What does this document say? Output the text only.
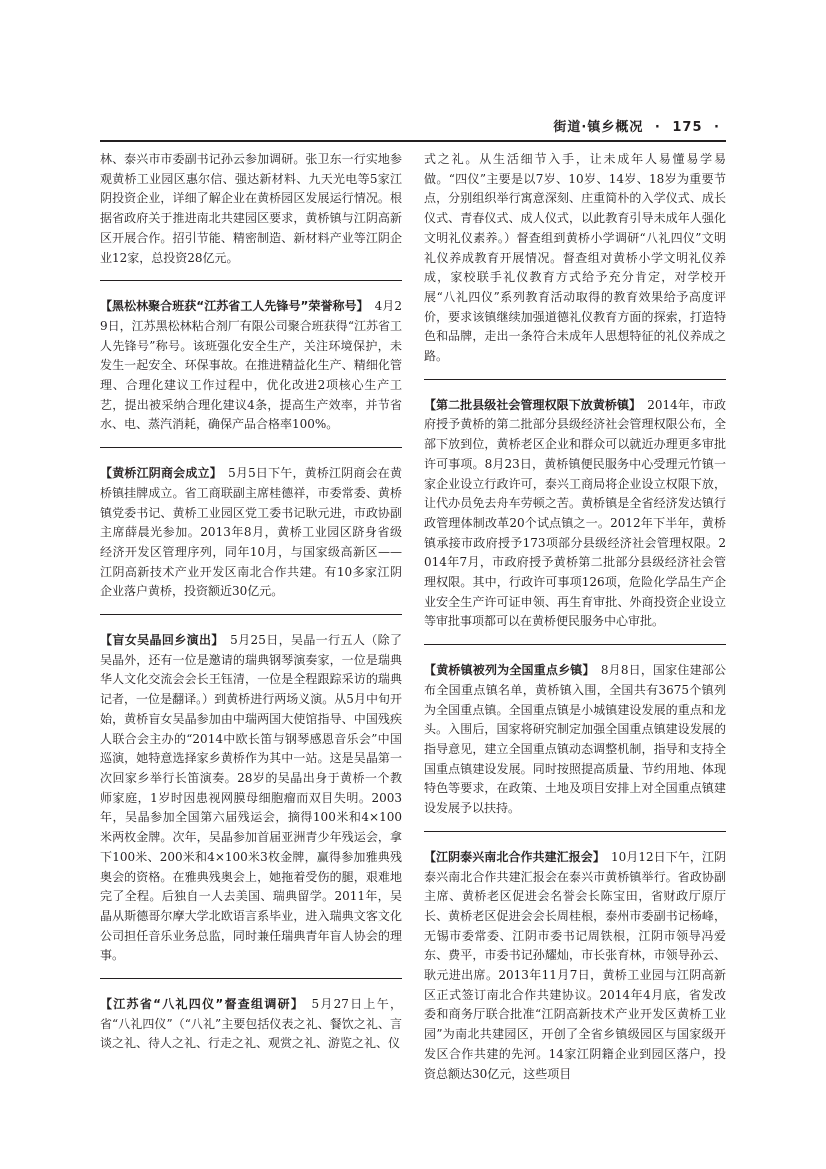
街道·镇乡概况 · 175 ·

林、泰兴市市委副书记孙云参加调研。张卫东一行实地参观黄桥工业园区惠尔信、强达新材料、九天光电等5家江阴投资企业，详细了解企业在黄桥园区发展运行情况。根据省政府关于推进南北共建园区要求，黄桥镇与江阴高新区开展合作。招引节能、精密制造、新材料产业等江阴企业12家，总投资28亿元。

【黑松林聚合班获“江苏省工人先锋号”荣誉称号】　 4月29日，江苏黑松林粘合剂厂有限公司聚合班获得“江苏省工人先锋号”称号。该班强化安全生产，关注环境保护，未发生一起安全、环保事故。在推进精益化生产、精细化管理、合理化建议工作过程中，优化改进2项核心生产工艺，提出被采纳合理化建议4条，提高生产效率，并节省水、电、蒸汽消耗，确保产品合格率100%。

【黄桥江阴商会成立】　 5月5日下午，黄桥江阴商会在黄桥镇挂牌成立。省工商联副主席桂德祥，市委常委、黄桥镇党委书记、黄桥工业园区党工委书记耿元进，市政协副主席薛晨光参加。2013年8月，黄桥工业园区跻身省级经济开发区管理序列，同年10月，与国家级高新区——江阴高新技术产业开发区南北合作共建。有10多家江阴企业落户黄桥，投资额近30亿元。

【盲女吴晶回乡演出】　 5月25日，吴晶一行五人（除了吴晶外，还有一位是邀请的瑞典钢琴演奏家，一位是瑞典华人文化交流会会长王钰清，一位是全程跟踪采访的瑞典记者，一位是翻译。）到黄桥进行两场义演。从5月中旬开始，黄桥盲女吴晶参加由中瑞两国大使馆指导、中国残疾人联合会主办的“2014中欧长笛与钢琴感恩音乐会”中国巡演，她特意选择家乡黄桥作为其中一站。这是吴晶第一次回家乡举行长笛演奏。28岁的吴晶出身于黄桥一个教师家庭，1岁时因患视网膜母细胞瘤而双目失明。2003年，吴晶参加全国第六届残运会，摘得100米和4×100米两枚金牌。次年，吴晶参加首届亚洲青少年残运会，拿下100米、200米和4×100米3枚金牌，赢得参加雅典残奥会的资格。在雅典残奥会上，她拖着受伤的腿，艰难地完了全程。后独自一人去美国、瑞典留学。2011年，吴晶从斯德哥尔摩大学北欧语言系毕业，进入瑞典文客文化公司担任音乐业务总监，同时兼任瑞典青年盲人协会的理事。

【江苏省“八礼四仪”督查组调研】　 5月27日上午，省“八礼四仪”（“八礼”主要包括仪表之礼、餐饮之礼、言谈之礼、待人之礼、行走之礼、观赏之礼、游览之礼、仪

式之礼。从生活细节入手，让未成年人易懂易学易做。“四仪”主要是以7岁、10岁、14岁、18岁为重要节点，分别组织举行寓意深刻、庄重简朴的入学仪式、成长仪式、青春仪式、成人仪式，以此教育引导未成年人强化文明礼仪素养。）督查组到黄桥小学调研“八礼四仪”文明礼仪养成教育开展情况。督查组对黄桥小学文明礼仪养成，家校联手礼仪教育方式给予充分肯定，对学校开展“八礼四仪”系列教育活动取得的教育效果给予高度评价，要求该镇继续加强道德礼仪教育方面的探索，打造特色和品牌，走出一条符合未成年人思想特征的礼仪养成之路。

【第二批县级社会管理权限下放黄桥镇】　 2014年，市政府授予黄桥的第二批部分县级经济社会管理权限公布，全部下放到位，黄桥老区企业和群众可以就近办理更多审批许可事项。8月23日，黄桥镇便民服务中心受理元竹镇一家企业设立行政许可，泰兴工商局将企业设立权限下放，让代办员免去舟车劳顿之苦。黄桥镇是全省经济发达镇行政管理体制改革20个试点镇之一。2012年下半年，黄桥镇承接市政府授予173项部分县级经济社会管理权限。2014年7月，市政府授予黄桥第二批部分县级经济社会管理权限。其中，行政许可事项126项，危险化学品生产企业安全生产许可证申领、再生育审批、外商投资企业设立等审批事项都可以在黄桥便民服务中心审批。

【黄桥镇被列为全国重点乡镇】　 8月8日，国家住建部公布全国重点镇名单，黄桥镇入围，全国共有3675个镇列为全国重点镇。全国重点镇是小城镇建设发展的重点和龙头。入围后，国家将研究制定加强全国重点镇建设发展的指导意见，建立全国重点镇动态调整机制，指导和支持全国重点镇建设发展。同时按照提高质量、节约用地、体现特色等要求，在政策、土地及项目安排上对全国重点镇建设发展予以扶持。

【江阴泰兴南北合作共建汇报会】　 10月12日下午，江阴泰兴南北合作共建汇报会在泰兴市黄桥镇举行。省政协副主席、黄桥老区促进会名誉会长陈宝田，省财政厅原厅长、黄桥老区促进会会长周桂根，泰州市委副书记杨峰，无锡市委常委、江阴市委书记周铁根，江阴市领导冯爱东、费平，市委书记孙耀灿，市长张育林，市领导孙云、耿元进出席。2013年11月7日，黄桥工业园与江阴高新区正式签订南北合作共建协议。2014年4月底，省发改委和商务厅联合批准“江阴高新技术产业开发区黄桥工业园”为南北共建园区，开创了全省乡镇级园区与国家级开发区合作共建的先河。14家江阴籍企业到园区落户，投资总额达30亿元，这些项目
